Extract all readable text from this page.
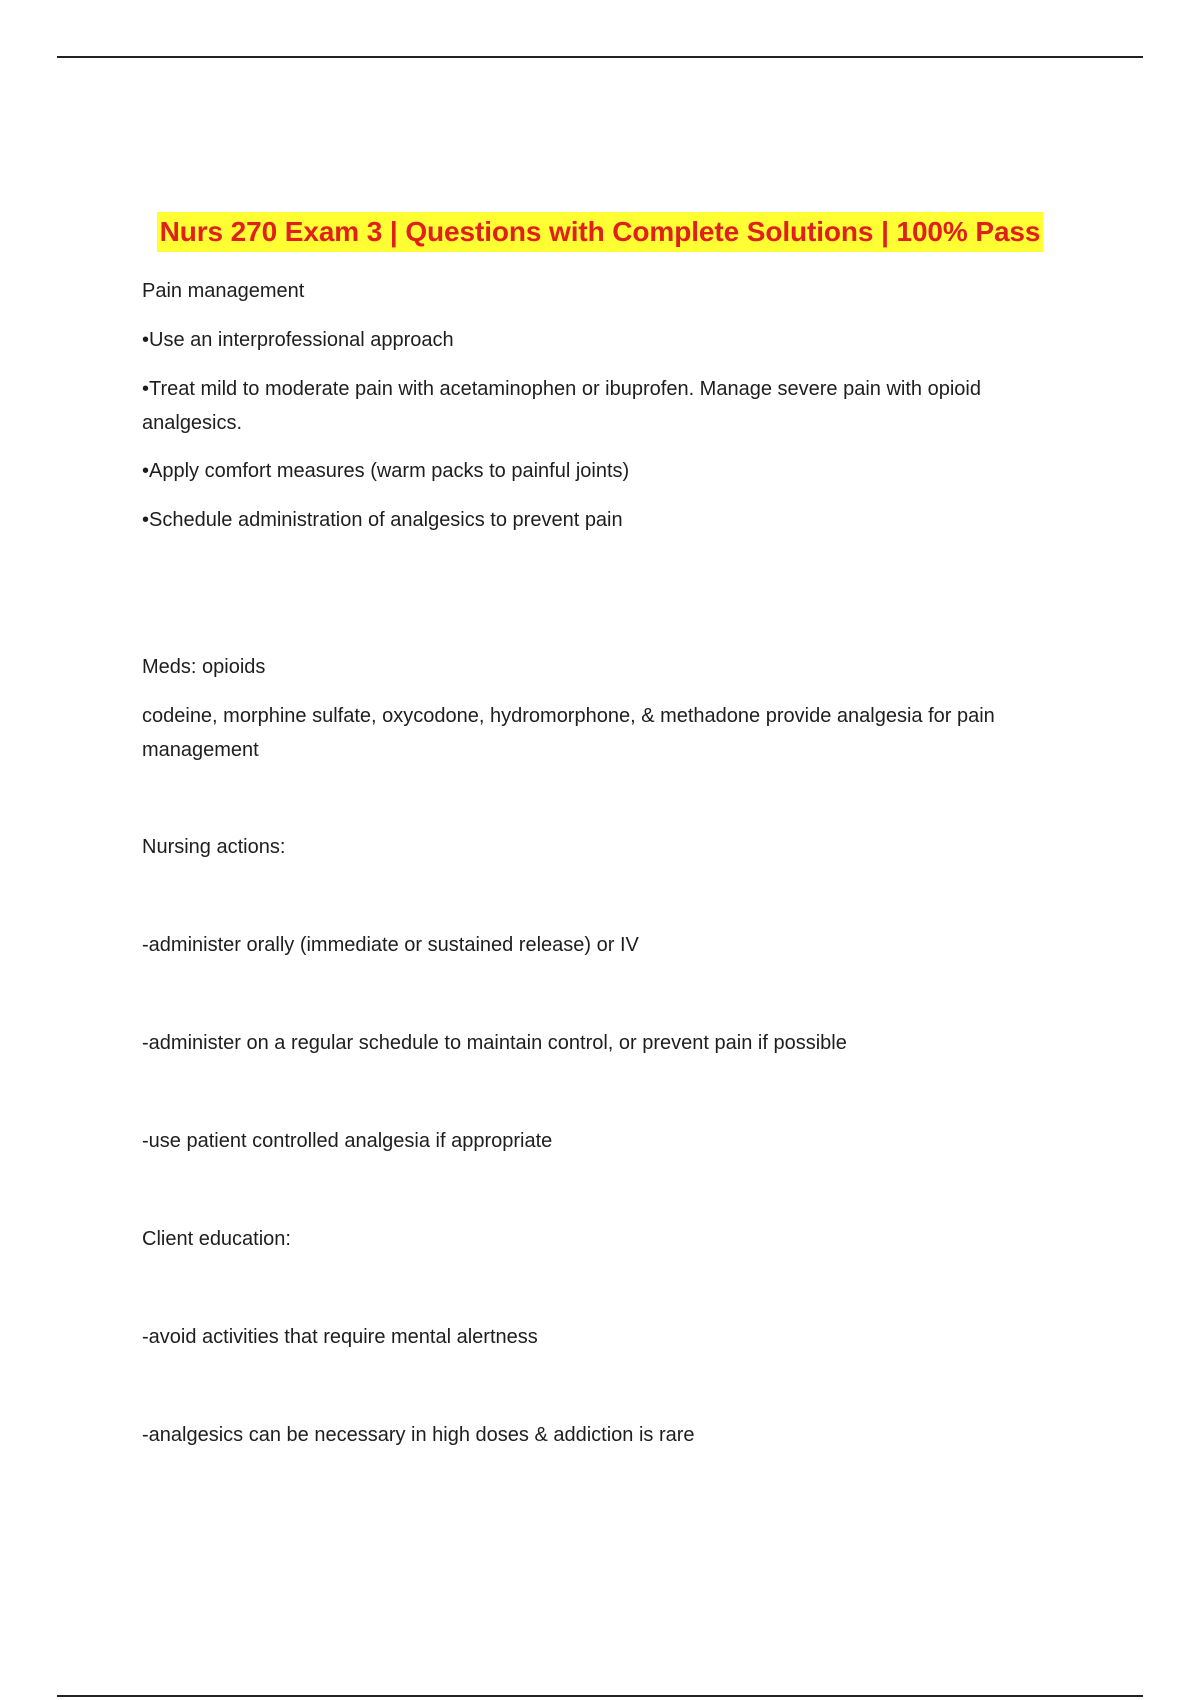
Nurs 270 Exam 3 | Questions with Complete Solutions | 100% Pass
Pain management
•Use an interprofessional approach
•Treat mild to moderate pain with acetaminophen or ibuprofen. Manage severe pain with opioid analgesics.
•Apply comfort measures (warm packs to painful joints)
•Schedule administration of analgesics to prevent pain
Meds: opioids
codeine, morphine sulfate, oxycodone, hydromorphone, & methadone provide analgesia for pain management
Nursing actions:
-administer orally (immediate or sustained release) or IV
-administer on a regular schedule to maintain control, or prevent pain if possible
-use patient controlled analgesia if appropriate
Client education:
-avoid activities that require mental alertness
-analgesics can be necessary in high doses & addiction is rare
